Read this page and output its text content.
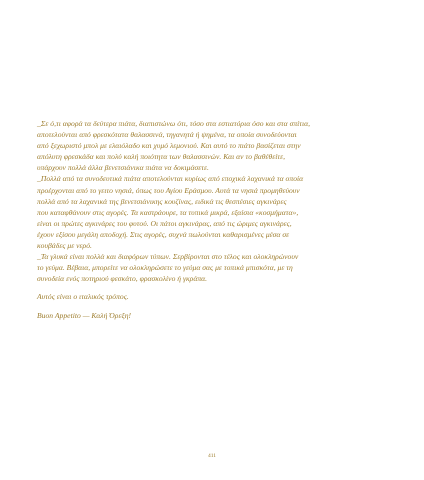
_Σε ό,τι αφορά τα δεύτερα πιάτα, διαπιστώνω ότι, τόσο στα εστιατόρια όσο και στα σπίτια,

αποτελούνται από φρεσκότατα θαλασσινά, τηγανητά ή ψημένα, τα οποία συνοδεύονται

από ξεχωριστό μπολ με ελαιόλαδο και χυμό λεμονιού. Και αυτό το πιάτο βασίζεται στην

απόλυτη φρεσκάδα και πολύ καλή ποιότητα των θαλασσινών. Και αν το βαθέθείτε,

υπάρχουν πολλά άλλα βενετσιάνικα πιάτα να δοκιμάσετε.

_Πολλά από τα συνοδευτικά πιάτα αποτελούνται κυρίως από εποχικά λαχανικά τα οποία

προέρχονται από το γειτο νησιά, όπως του Αγίου Εράσμου. Αυτά τα νησιά προμηθεύουν

πολλά από τα λαχανικά της βενετσιάνικης κουζίνας, ειδικά τις θεσπέσιες αγκινάρες

που καταφθάνουν στις αγορές. Τα καστράουρε, τα τυπικά μικρά, εξαίσια «κοσμήματα»,

είναι οι πρώτες αγκινάρες του φυτού. Οι πάτοι αγκινάρας, από τις ώριμες αγκινάρες,

έχουν εξίσου μεγάλη αποδοχή. Στις αγορές, συχνά πωλούνται καθαρισμένες μέσα σε

κουβάδες με νερό.

_Τα γλυκά είναι πολλά και διαφόρων τύπων. Σερβίρονται στο τέλος και ολοκληρώνουν

το γεύμα. Βέβαια, μπορείτε να ολοκληρώσετε το γεύμα σας με τοπικά μπισκότα, με τη

συνοδεία ενός ποτηριού φεσκάτο, φρασκολίνο ή γκράπα.

Αυτός είναι ο ιταλικός τρόπος.

Buon Appetito — Καλή Όρεξη!

411
